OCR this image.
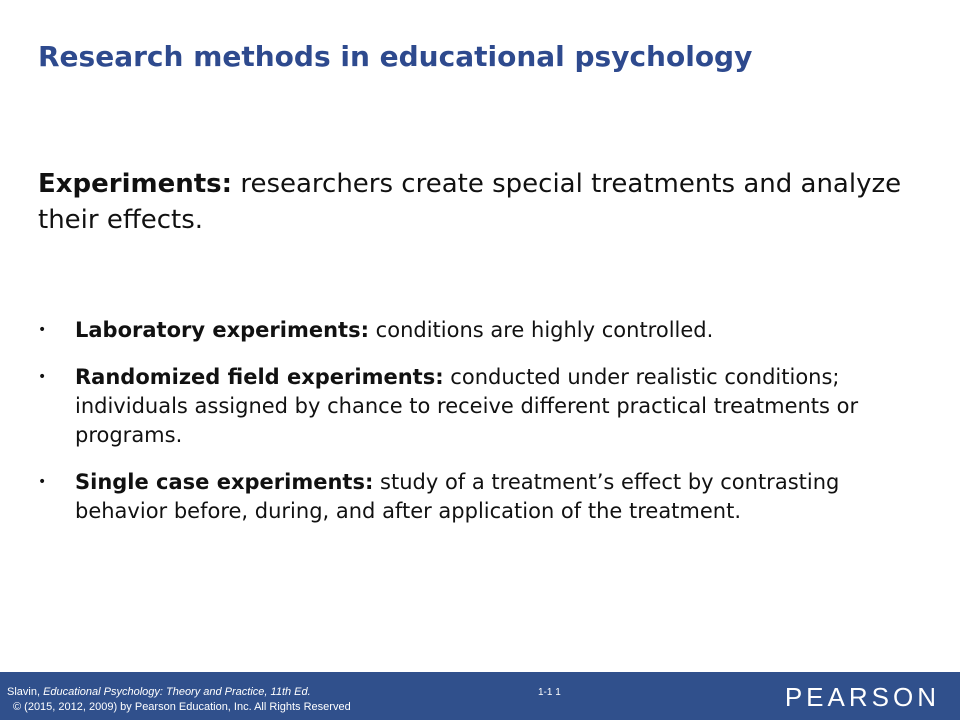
Research methods in educational psychology

Experiments: researchers create special treatments and analyze their effects.

• Laboratory experiments: conditions are highly controlled.
• Randomized field experiments: conducted under realistic conditions; individuals assigned by chance to receive different practical treatments or programs.
• Single case experiments: study of a treatment’s effect by contrasting behavior before, during, and after application of the treatment.
Slavin, Educational Psychology: Theory and Practice, 11th Ed.
© (2015, 2012, 2009) by Pearson Education, Inc. All Rights Reserved
1-1 1	PEARSON
